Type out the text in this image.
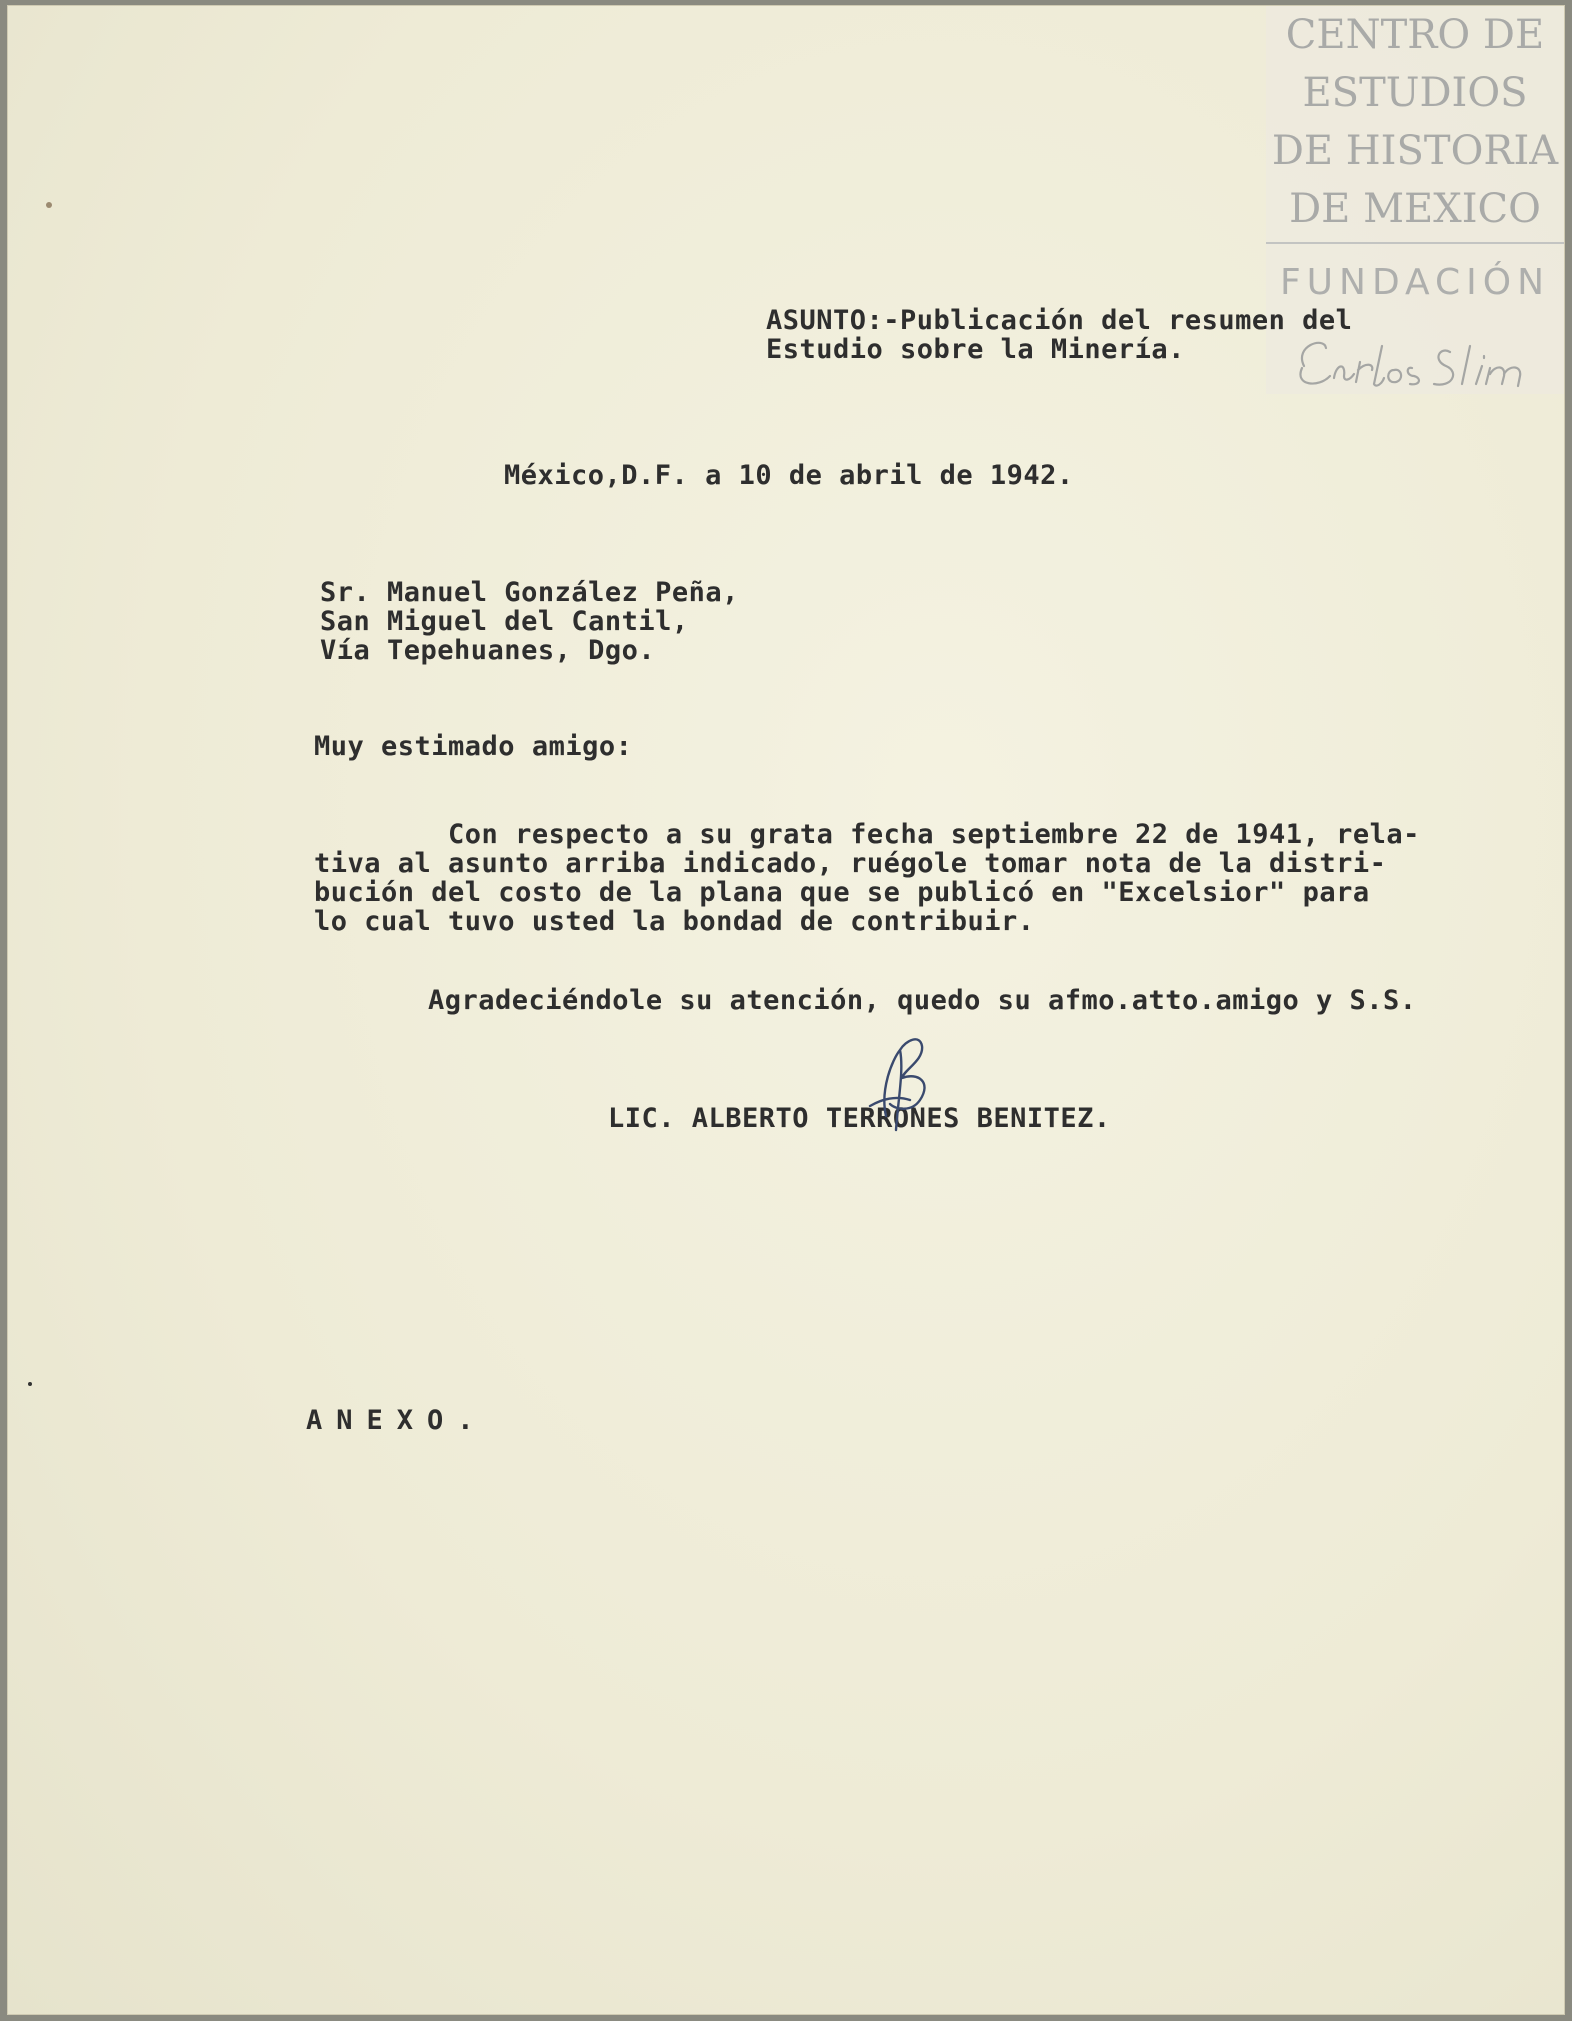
CENTRO DE
ESTUDIOS
DE HISTORIA
DE MEXICO
FUNDACIÓN
ASUNTO:-Publicación del resumen del
Estudio sobre la Minería.
México,D.F. a 10 de abril de 1942.
Sr. Manuel González Peña,
San Miguel del Cantil,
Vía Tepehuanes, Dgo.
Muy estimado amigo:
Con respecto a su grata fecha septiembre 22 de 1941, rela-
tiva al asunto arriba indicado, ruégole tomar nota de la distri-
bución del costo de la plana que se publicó en "Excelsior" para
lo cual tuvo usted la bondad de contribuir.
Agradeciéndole su atención, quedo su afmo.atto.amigo y S.S.
LIC. ALBERTO TERRONES BENITEZ.
ANEXO.
